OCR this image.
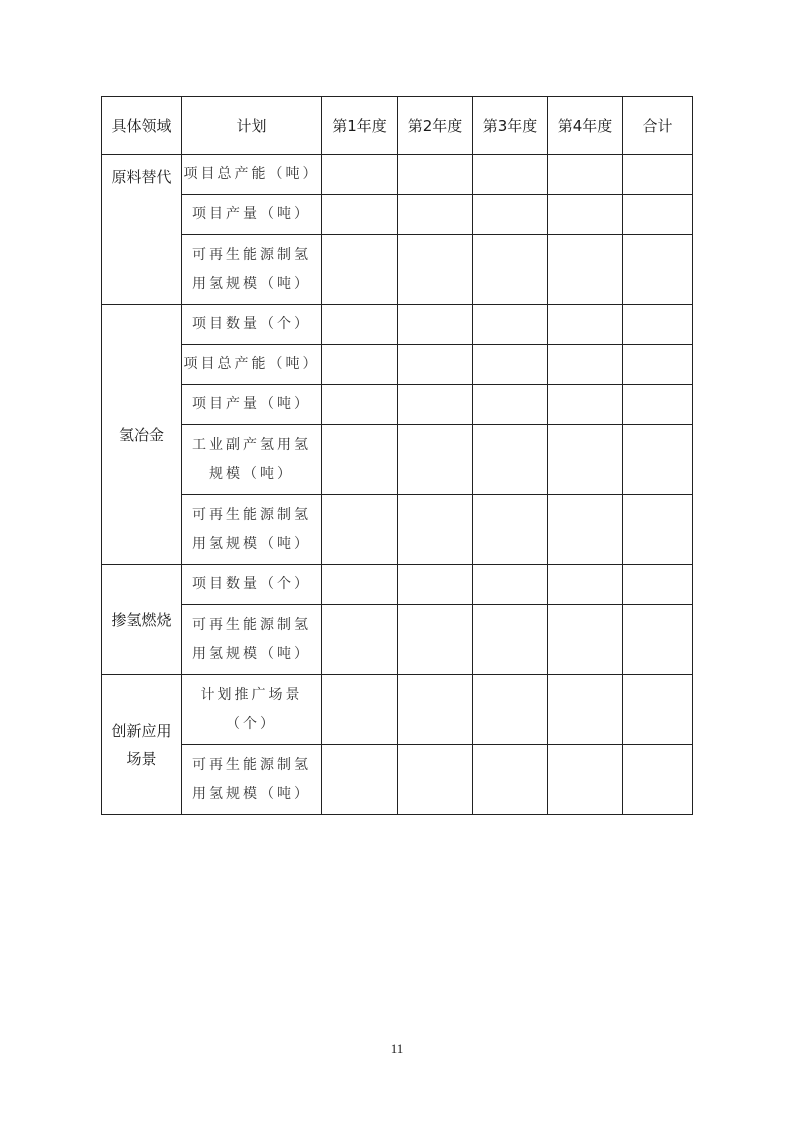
具体领域	计划	第1年度	第2年度	第3年度	第4年度	合计
原料替代	项目总产能（吨）					
	项目产量（吨）					
	可再生能源制氢用氢规模（吨）					
氢冶金	项目数量（个）					
	项目总产能（吨）					
	项目产量（吨）					
	工业副产氢用氢规模（吨）					
	可再生能源制氢用氢规模（吨）					
掺氢燃烧	项目数量（个）					
	可再生能源制氢用氢规模（吨）					
创新应用场景	计划推广场景（个）					
	可再生能源制氢用氢规模（吨）					
11
